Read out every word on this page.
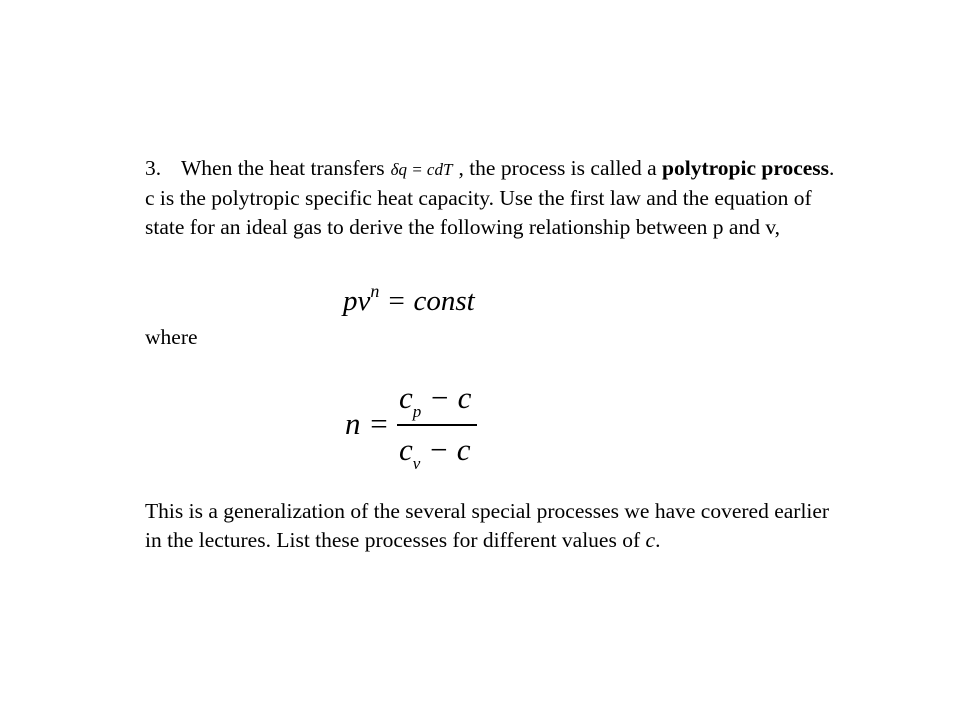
3. When the heat transfers δq = cdT , the process is called a polytropic process. c is the polytropic specific heat capacity. Use the first law and the equation of state for an ideal gas to derive the following relationship between p and v,

$pv^n$ = const

where

n =
$c_p - c$
$c_v - c$

This is a generalization of the several special processes we have covered earlier in the lectures. List these processes for different values of c.
